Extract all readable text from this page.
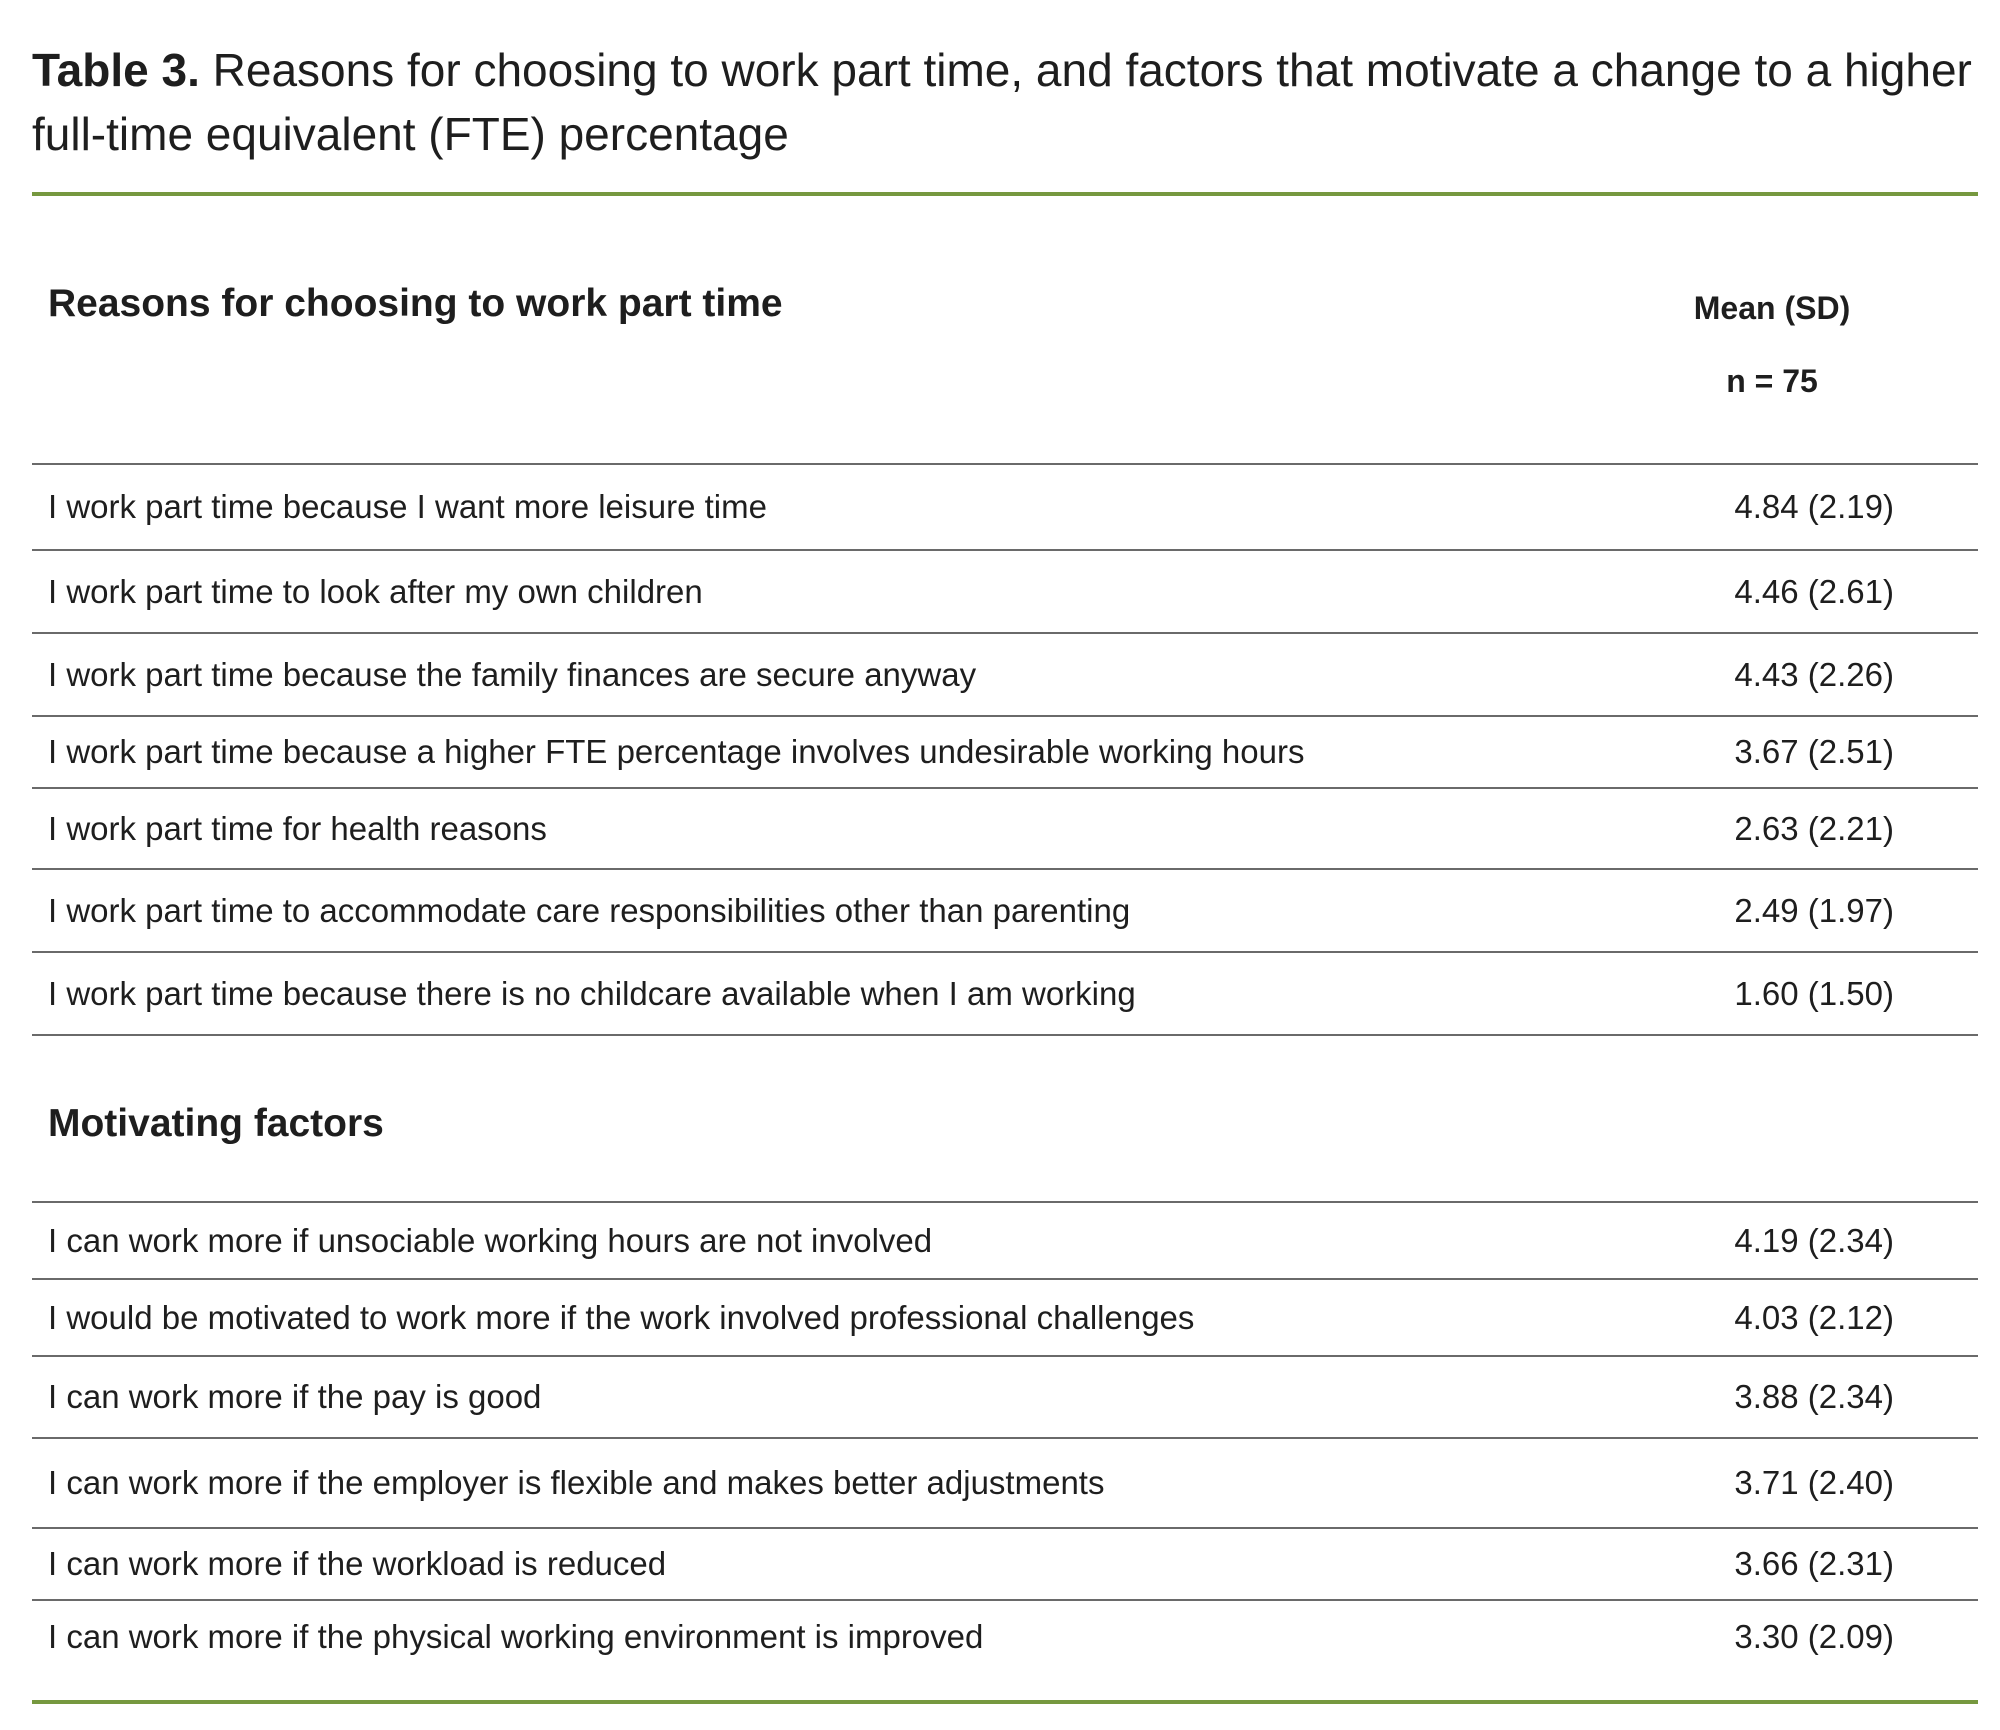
Table 3. Reasons for choosing to work part time, and factors that motivate a change to a higher full-time equivalent (FTE) percentage
Reasons for choosing to work part time	Mean (SD)
n = 75
I work part time because I want more leisure time	4.84 (2.19)
I work part time to look after my own children	4.46 (2.61)
I work part time because the family finances are secure anyway	4.43 (2.26)
I work part time because a higher FTE percentage involves undesirable working hours	3.67 (2.51)
I work part time for health reasons	2.63 (2.21)
I work part time to accommodate care responsibilities other than parenting	2.49 (1.97)
I work part time because there is no childcare available when I am working	1.60 (1.50)
Motivating factors
I can work more if unsociable working hours are not involved	4.19 (2.34)
I would be motivated to work more if the work involved professional challenges	4.03 (2.12)
I can work more if the pay is good	3.88 (2.34)
I can work more if the employer is flexible and makes better adjustments	3.71 (2.40)
I can work more if the workload is reduced	3.66 (2.31)
I can work more if the physical working environment is improved	3.30 (2.09)
